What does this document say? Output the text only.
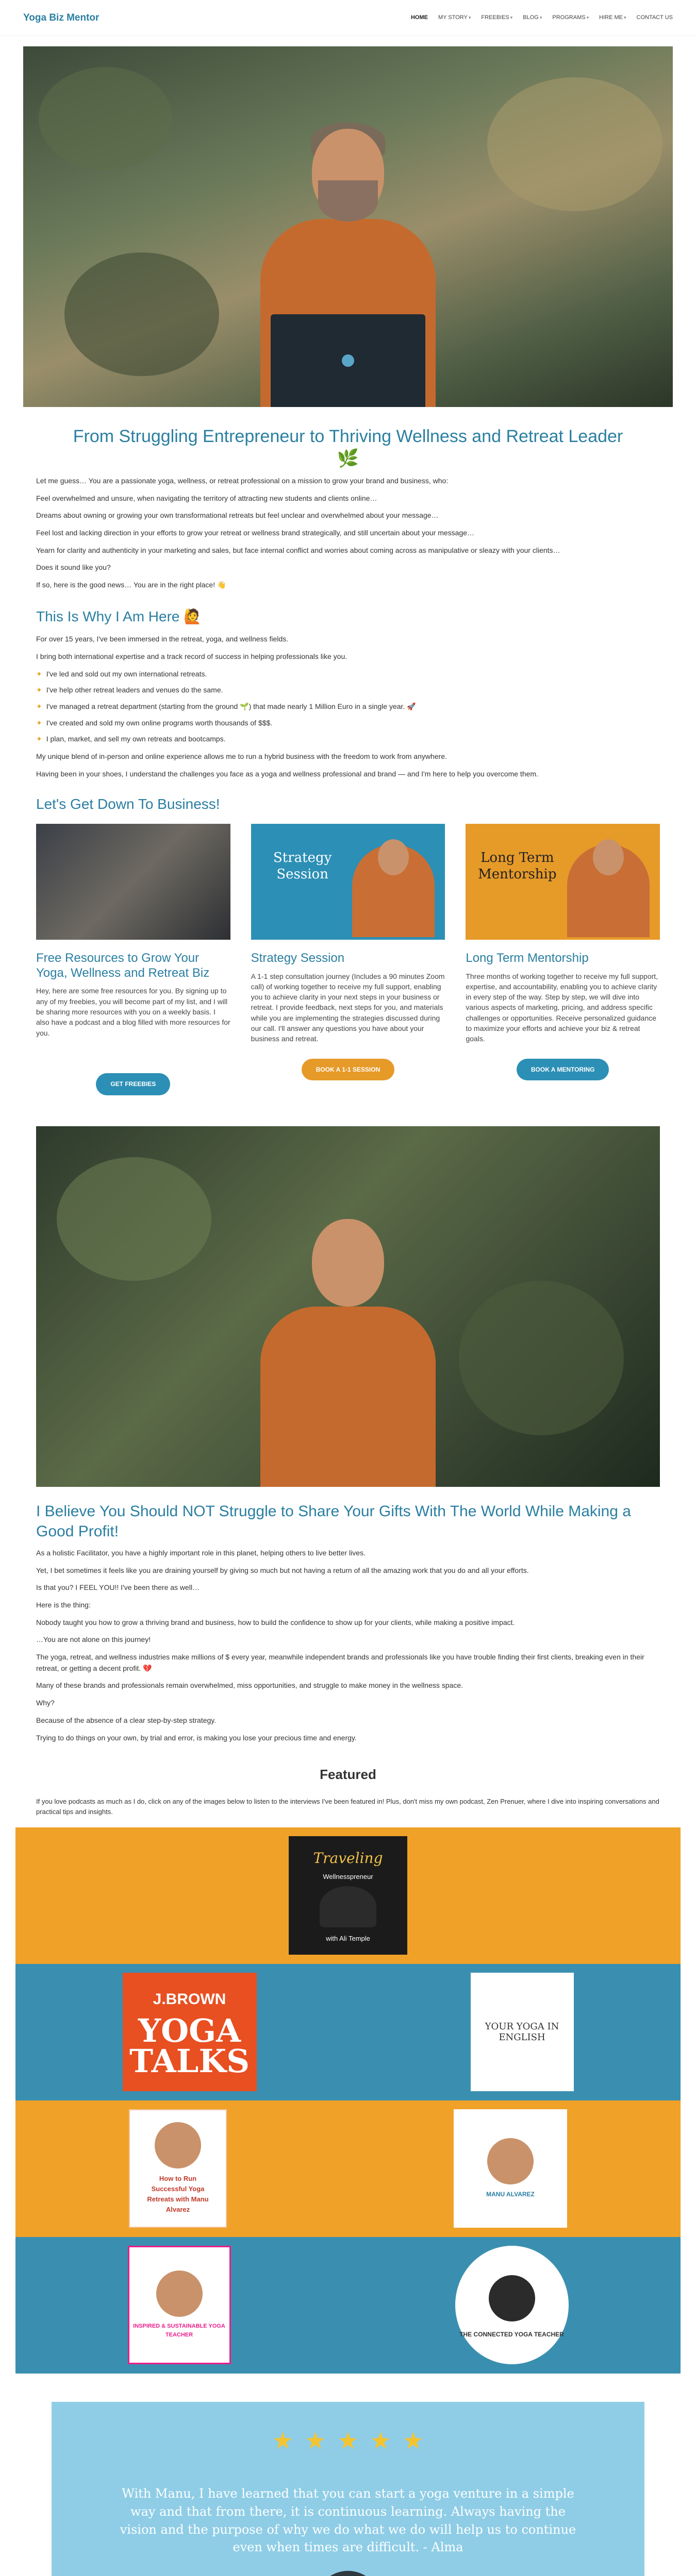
Yoga Biz Mentor	HOME MY STORY ▾ FREEBIES ▾ BLOG ▾ PROGRAMS ▾ HIRE ME ▾ CONTACT US
From Struggling Entrepreneur to Thriving Wellness and Retreat Leader 🌿

Let me guess… You are a passionate yoga, wellness, or retreat professional on a mission to grow your brand and business, who:

Feel overwhelmed and unsure, when navigating the territory of attracting new students and clients online…

Dreams about owning or growing your own transformational retreats but feel unclear and overwhelmed about your message…

Feel lost and lacking direction in your efforts to grow your retreat or wellness brand strategically, and still uncertain about your message…

Yearn for clarity and authenticity in your marketing and sales, but face internal conflict and worries about coming across as manipulative or sleazy with your clients…

Does it sound like you?

If so, here is the good news… You are in the right place! 👋

This Is Why I Am Here 🙋

For over 15 years, I've been immersed in the retreat, yoga, and wellness fields.

I bring both international expertise and a track record of success in helping professionals like you.

✦ I've led and sold out my own international retreats.
✦ I've help other retreat leaders and venues do the same.
✦ I've managed a retreat department (starting from the ground 🌱) that made nearly 1 Million Euro in a single year. 🚀
✦ I've created and sold my own online programs worth thousands of $$$.
✦ I plan, market, and sell my own retreats and bootcamps.

My unique blend of in-person and online experience allows me to run a hybrid business with the freedom to work from anywhere.

Having been in your shoes, I understand the challenges you face as a yoga and wellness professional and brand — and I'm here to help you overcome them.

Let's Get Down To Business!
Free Resources to Grow Your Yoga, Wellness and Retreat Biz

Hey, here are some free resources for you. By signing up to any of my freebies, you will become part of my list, and I will be sharing more resources with you on a weekly basis. I also have a podcast and a blog filled with more resources for you.

GET FREEBIES
Strategy Session
Strategy Session

A 1-1 step consultation journey (Includes a 90 minutes Zoom call) of working together to receive my full support, enabling you to achieve clarity in your next steps in your business or retreat. I provide feedback, next steps for you, and materials while you are implementing the strategies discussed during our call. I'll answer any questions you have about your business and retreat.

BOOK A 1-1 SESSION
Long Term Mentorship
Long Term Mentorship

Three months of working together to receive my full support, expertise, and accountability, enabling you to achieve clarity in every step of the way. Step by step, we will dive into various aspects of marketing, pricing, and address specific challenges or opportunities. Receive personalized guidance to maximize your efforts and achieve your biz & retreat goals.

BOOK A MENTORING
I Believe You Should NOT Struggle to Share Your Gifts With The World While Making a Good Profit!

As a holistic Facilitator, you have a highly important role in this planet, helping others to live better lives.

Yet, I bet sometimes it feels like you are draining yourself by giving so much but not having a return of all the amazing work that you do and all your efforts.

Is that you? I FEEL YOU!! I've been there as well…

Here is the thing:

Nobody taught you how to grow a thriving brand and business, how to build the confidence to show up for your clients, while making a positive impact.

…You are not alone on this journey!

The yoga, retreat, and wellness industries make millions of $ every year, meanwhile independent brands and professionals like you have trouble finding their first clients, breaking even in their retreat, or getting a decent profit. 💔

Many of these brands and professionals remain overwhelmed, miss opportunities, and struggle to make money in the wellness space.

Why?

Because of the absence of a clear step-by-step strategy.

Trying to do things on your own, by trial and error, is making you lose your precious time and energy.

Featured

If you love podcasts as much as I do, click on any of the images below to listen to the interviews I've been featured in! Plus, don't miss my own podcast, Zen Prenuer, where I dive into inspiring conversations and practical tips and insights.

Traveling
Wellnesspreneur
with Ali Temple
J.BROWN
YOGA TALKS
YOUR YOGA IN ENGLISH
How to Run Successful Yoga Retreats with Manu Alvarez
MANU ALVAREZ
INSPIRED & SUSTAINABLE YOGA TEACHER	THE CONNECTED YOGA TEACHER
★ ★ ★ ★ ★
With Manu, I have learned that you can start a yoga venture in a simple way and that from there, it is continuous learning. Always having the vision and the purpose of why we do what we do will help us to continue even when times are difficult. - Alma
